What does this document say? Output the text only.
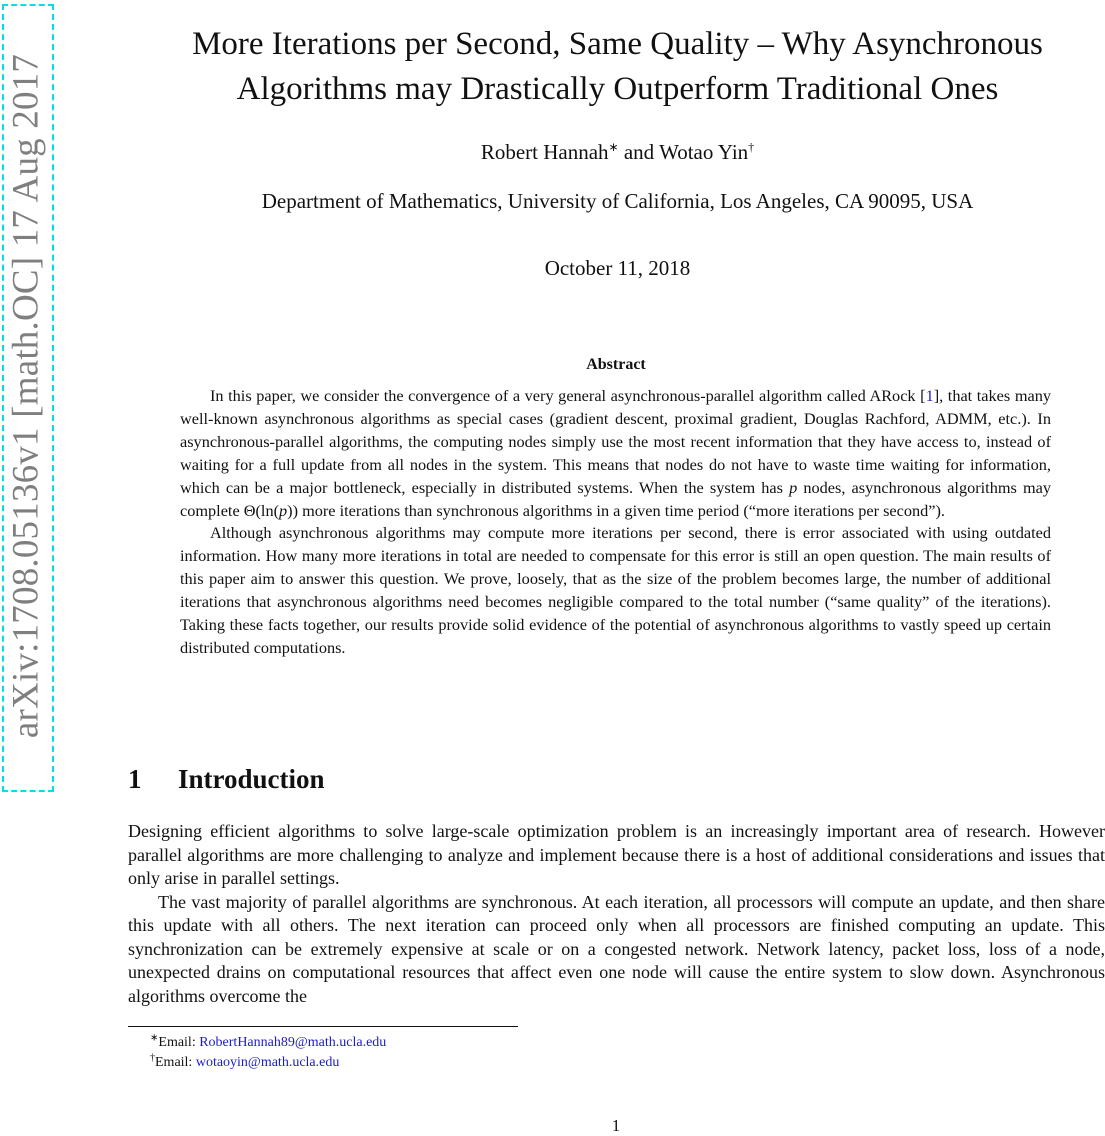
arXiv:1708.05136v1 [math.OC] 17 Aug 2017
More Iterations per Second, Same Quality – Why Asynchronous
Algorithms may Drastically Outperform Traditional Ones
Robert Hannah∗ and Wotao Yin†
Department of Mathematics, University of California, Los Angeles, CA 90095, USA
October 11, 2018
Abstract

In this paper, we consider the convergence of a very general asynchronous-parallel algorithm called ARock [1], that takes many well-known asynchronous algorithms as special cases (gradient descent, proximal gradient, Douglas Rachford, ADMM, etc.). In asynchronous-parallel algorithms, the computing nodes simply use the most recent information that they have access to, instead of waiting for a full update from all nodes in the system. This means that nodes do not have to waste time waiting for information, which can be a major bottleneck, especially in distributed systems. When the system has p nodes, asynchronous algorithms may complete Θ(ln(p)) more iterations than synchronous algorithms in a given time period (“more iterations per second”).

Although asynchronous algorithms may compute more iterations per second, there is error associated with using outdated information. How many more iterations in total are needed to compensate for this error is still an open question. The main results of this paper aim to answer this question. We prove, loosely, that as the size of the problem becomes large, the number of additional iterations that asynchronous algorithms need becomes negligible compared to the total number (“same quality” of the iterations). Taking these facts together, our results provide solid evidence of the potential of asynchronous algorithms to vastly speed up certain distributed computations.

1 Introduction

Designing efficient algorithms to solve large-scale optimization problem is an increasingly important area of research. However parallel algorithms are more challenging to analyze and implement because there is a host of additional considerations and issues that only arise in parallel settings.

The vast majority of parallel algorithms are synchronous. At each iteration, all processors will compute an update, and then share this update with all others. The next iteration can proceed only when all processors are finished computing an update. This synchronization can be extremely expensive at scale or on a congested network. Network latency, packet loss, loss of a node, unexpected drains on computational resources that affect even one node will cause the entire system to slow down. Asynchronous algorithms overcome the

∗Email: RobertHannah89@math.ucla.edu
†Email: wotaoyin@math.ucla.edu
1
